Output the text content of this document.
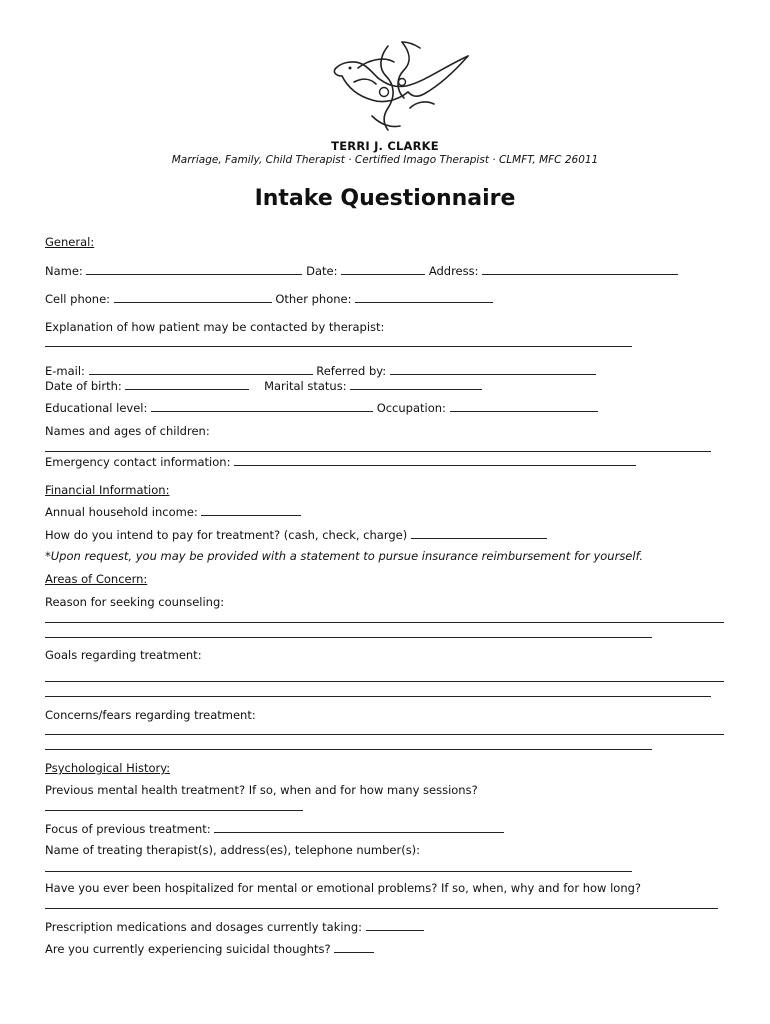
TERRI J. CLARKE
Marriage, Family, Child Therapist · Certified Imago Therapist · CLMFT, MFC 26011
Intake Questionnaire
General:
Name:	Date:	Address:
Cell phone:	Other phone:
Explanation of how patient may be contacted by therapist:
E-mail:	Referred by:
Date of birth:	Marital status:
Educational level:	Occupation:
Names and ages of children:
Emergency contact information:
Financial Information:
Annual household income:
How do you intend to pay for treatment? (cash, check, charge)
*Upon request, you may be provided with a statement to pursue insurance reimbursement for yourself.
Areas of Concern:
Reason for seeking counseling:
Goals regarding treatment:
Concerns/fears regarding treatment:
Psychological History:
Previous mental health treatment? If so, when and for how many sessions?
Focus of previous treatment:
Name of treating therapist(s), address(es), telephone number(s):
Have you ever been hospitalized for mental or emotional problems? If so, when, why and for how long?
Prescription medications and dosages currently taking:
Are you currently experiencing suicidal thoughts?
